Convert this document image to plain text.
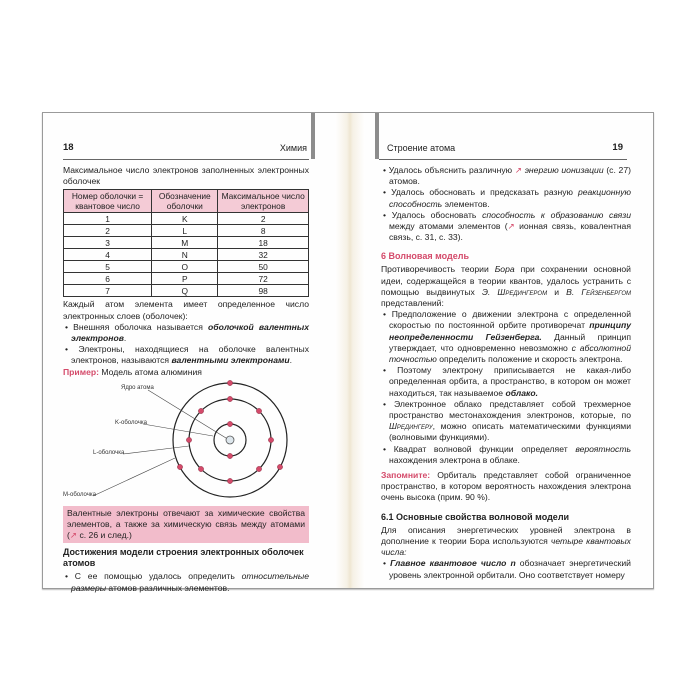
18	Химия

Максимальное число электронов заполненных электронных оболочек

Номер оболочки = квантовое число	Обозначение оболочки	Максимальное число электронов
1	K	2
2	L	8
3	M	18
4	N	32
5	O	50
6	P	72
7	Q	98

Каждый атом элемента имеет определенное число электронных слоев (оболочек):

• Внешняя оболочка называется оболочкой валентных электронов.

• Электроны, находящиеся на оболочке валентных электронов, называются валентными электронами.

Пример: Модель атома алюминия

Ядро атома
K-оболочка
L-оболочка
M-оболочка

Валентные электроны отвечают за химические свойства элементов, а также за химическую связь между атомами (↗ с. 26 и след.)

Достижения модели строения электронных оболочек атомов

• С ее помощью удалось определить относительные размеры атомов различных элементов.

Строение атома	19

• Удалось объяснить различную ↗ энергию ионизации (с. 27) атомов.

• Удалось обосновать и предсказать разную реакционную способность элементов.

• Удалось обосновать способность к образованию связи между атомами элементов (↗ ионная связь, ковалентная связь, с. 31, с. 33).

6 Волновая модель

Противоречивость теории Бора при сохранении основной идеи, содержащейся в теории квантов, удалось устранить с помощью выдвинутых Э. Шредингером и В. Гейзенбергом представлений:

• Предположение о движении электрона с определенной скоростью по постоянной орбите противоречат принципу неопределенности Гейзенберга. Данный принцип утверждает, что одновременно невозможно с абсолютной точностью определить положение и скорость электрона.

• Поэтому электрону приписывается не какая-либо определенная орбита, а пространство, в котором он может находиться, так называемое облако.

• Электронное облако представляет собой трехмерное пространство местонахождения электронов, которые, по Шредингеру, можно описать математическими функциями (волновыми функциями).

• Квадрат волновой функции определяет вероятность нахождения электрона в облаке.

Запомните: Орбиталь представляет собой ограниченное пространство, в котором вероятность нахождения электрона очень высока (прим. 90 %).

6.1 Основные свойства волновой модели

Для описания энергетических уровней электрона в дополнение к теории Бора используются четыре квантовых числа:

• Главное квантовое число n обозначает энергетический уровень электронной орбитали. Оно соответствует номеру
